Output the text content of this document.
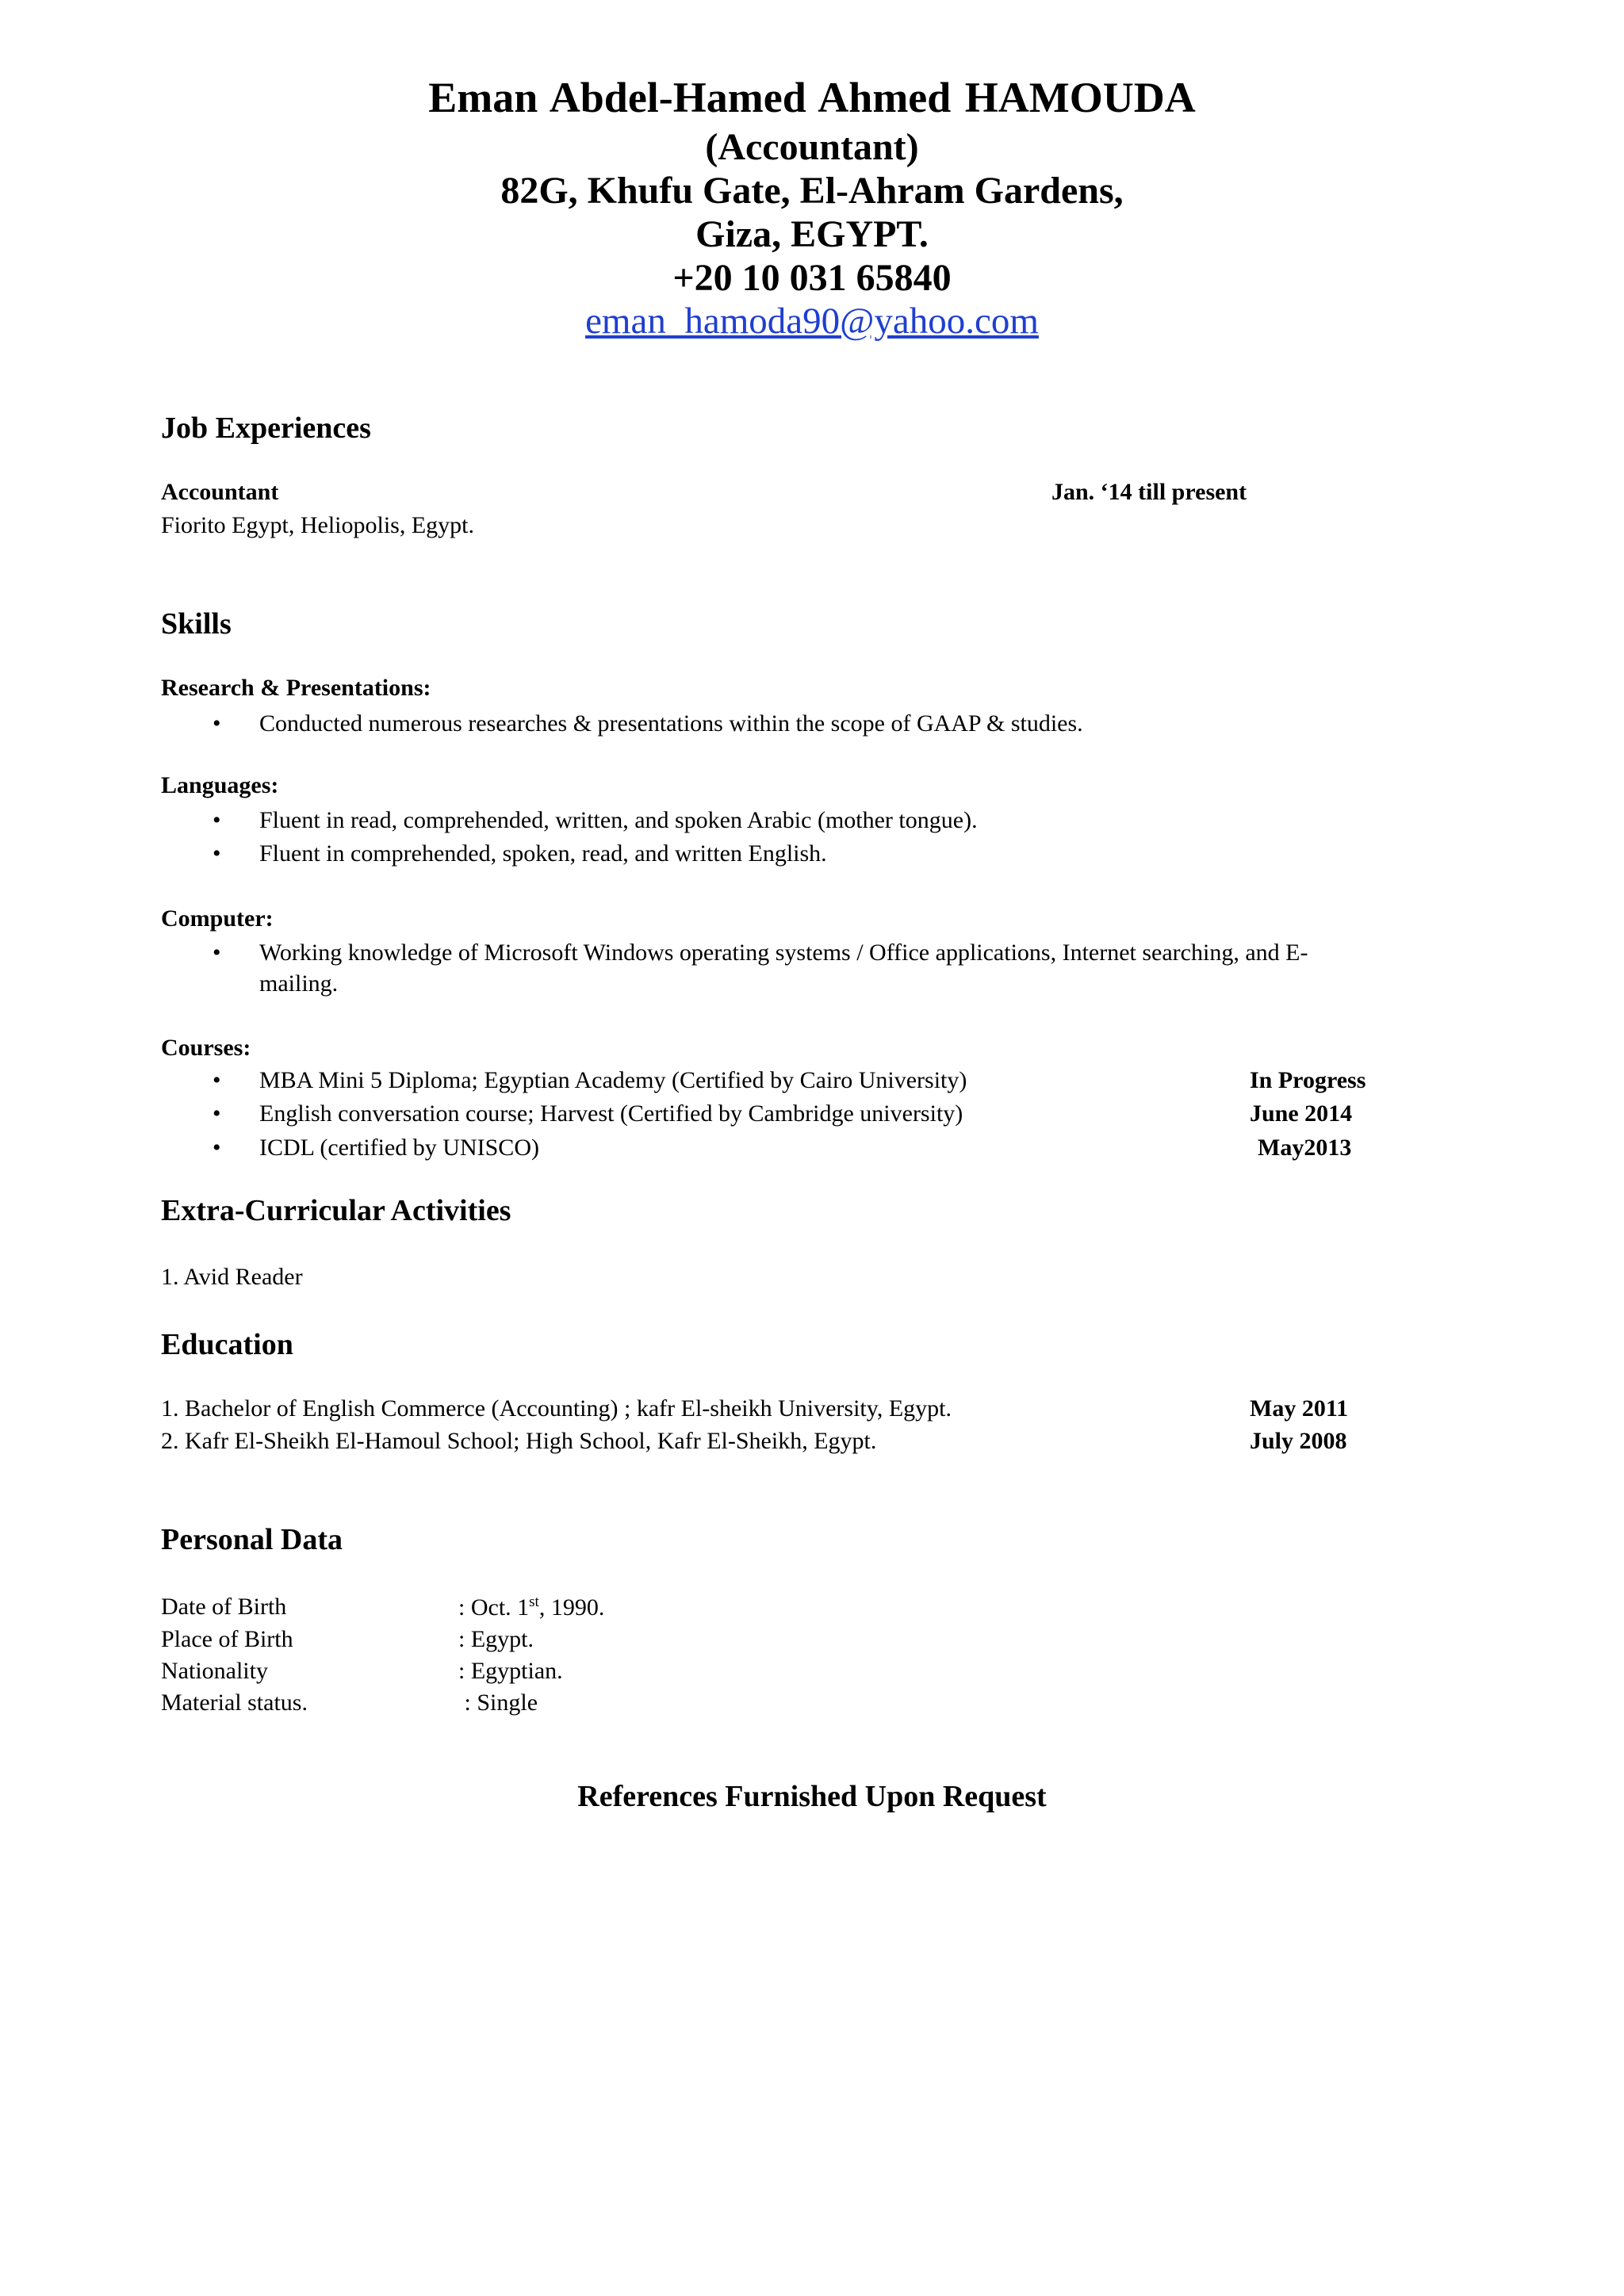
Eman Abdel-Hamed Ahmed HAMOUDA
(Accountant)
82G, Khufu Gate, El-Ahram Gardens,
Giza, EGYPT.
+20 10 031 65840
eman_hamoda90@yahoo.com
Job Experiences
Accountant	Jan. ‘14 till present
Fiorito Egypt, Heliopolis, Egypt.
Skills
Research & Presentations:
• Conducted numerous researches & presentations within the scope of GAAP & studies.
Languages:
• Fluent in read, comprehended, written, and spoken Arabic (mother tongue).
• Fluent in comprehended, spoken, read, and written English.
Computer:
• Working knowledge of Microsoft Windows operating systems / Office applications, Internet searching, and E-
mailing.
Courses:
• MBA Mini 5 Diploma; Egyptian Academy (Certified by Cairo University)	In Progress
• English conversation course; Harvest (Certified by Cambridge university)	June 2014
• ICDL (certified by UNISCO)	May2013
Extra-Curricular Activities
1. Avid Reader
Education
1. Bachelor of English Commerce (Accounting) ; kafr El-sheikh University, Egypt.	May 2011
2. Kafr El-Sheikh El-Hamoul School; High School, Kafr El-Sheikh, Egypt.	July 2008
Personal Data
Date of Birth	: Oct. 1st, 1990.
Place of Birth	: Egypt.
Nationality	: Egyptian.
Material status.	: Single
References Furnished Upon Request
